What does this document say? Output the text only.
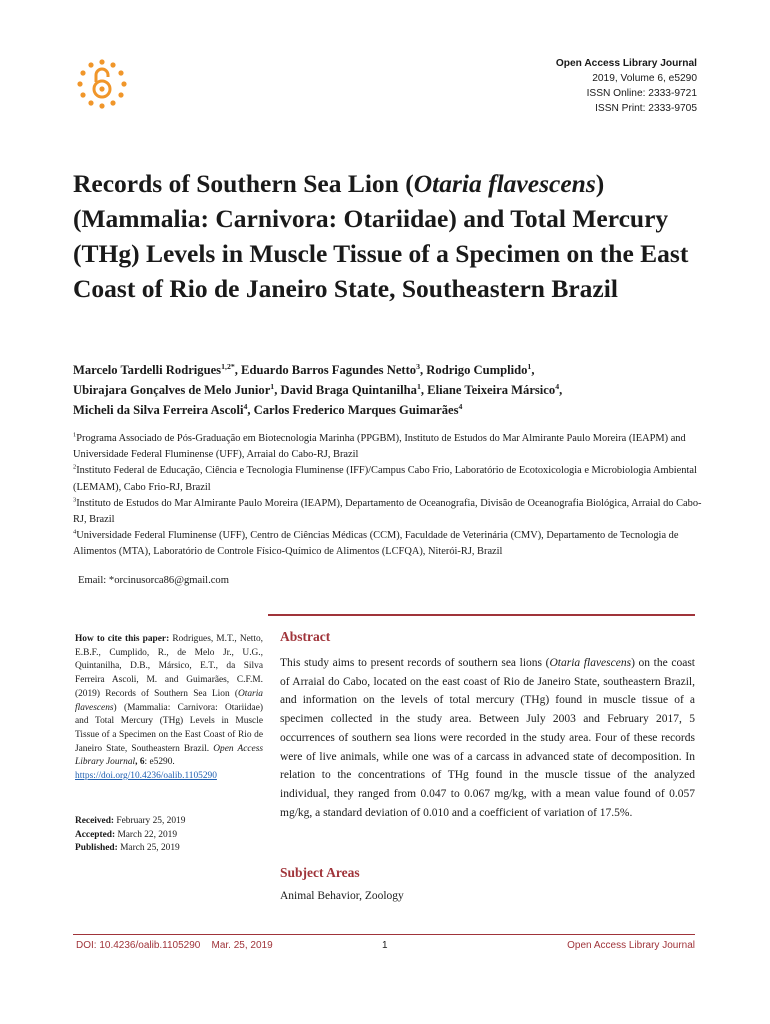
Open Access Library Journal
2019, Volume 6, e5290
ISSN Online: 2333-9721
ISSN Print: 2333-9705
Records of Southern Sea Lion (Otaria flavescens) (Mammalia: Carnivora: Otariidae) and Total Mercury (THg) Levels in Muscle Tissue of a Specimen on the East Coast of Rio de Janeiro State, Southeastern Brazil
Marcelo Tardelli Rodrigues$^{1,2*}$, Eduardo Barros Fagundes Netto$^3$, Rodrigo Cumplido$^1$,
Ubirajara Gonçalves de Melo Junior$^1$, David Braga Quintanilha$^1$, Eliane Teixeira Mársico$^4$,
Micheli da Silva Ferreira Ascoli$^4$, Carlos Frederico Marques Guimarães$^4$

$^1$Programa Associado de Pós-Graduação em Biotecnologia Marinha (PPGBM), Instituto de Estudos do Mar Almirante Paulo Moreira (IEAPM) and Universidade Federal Fluminense (UFF), Arraial do Cabo-RJ, Brazil

$^2$Instituto Federal de Educação, Ciência e Tecnologia Fluminense (IFF)/Campus Cabo Frio, Laboratório de Ecotoxicologia e Microbiologia Ambiental (LEMAM), Cabo Frio-RJ, Brazil

$^3$Instituto de Estudos do Mar Almirante Paulo Moreira (IEAPM), Departamento de Oceanografia, Divisão de Oceanografia Biológica, Arraial do Cabo-RJ, Brazil

$^4$Universidade Federal Fluminense (UFF), Centro de Ciências Médicas (CCM), Faculdade de Veterinária (CMV), Departamento de Tecnologia de Alimentos (MTA), Laboratório de Controle Físico-Químico de Alimentos (LCFQA), Niterói-RJ, Brazil

Email: *orcinusorca86@gmail.com
How to cite this paper: Rodrigues, M.T., Netto, E.B.F., Cumplido, R., de Melo Jr., U.G., Quintanilha, D.B., Mársico, E.T., da Silva Ferreira Ascoli, M. and Guimarães, C.F.M. (2019) Records of Southern Sea Lion (Otaria flavescens) (Mammalia: Carnivora: Otariidae) and Total Mercury (THg) Levels in Muscle Tissue of a Specimen on the East Coast of Rio de Janeiro State, Southeastern Brazil. Open Access Library Journal, 6: e5290.
https://doi.org/10.4236/oalib.1105290
Received: February 25, 2019
Accepted: March 22, 2019
Published: March 25, 2019
Abstract
This study aims to present records of southern sea lions (Otaria flavescens) on the coast of Arraial do Cabo, located on the east coast of Rio de Janeiro State, southeastern Brazil, and information on the levels of total mercury (THg) found in muscle tissue of a specimen collected in the study area. Between July 2003 and February 2017, 5 occurrences of southern sea lions were recorded in the study area. Four of these records were of live animals, while one was of a carcass in advanced state of decomposition. In relation to the concentrations of THg found in the muscle tissue of the analyzed individual, they ranged from 0.047 to 0.067 mg/kg, with a mean value found of 0.057 mg/kg, a standard deviation of 0.010 and a coefficient of variation of 17.5%.
Subject Areas
Animal Behavior, Zoology
DOI: 10.4236/oalib.1105290 Mar. 25, 2019	1	Open Access Library Journal
